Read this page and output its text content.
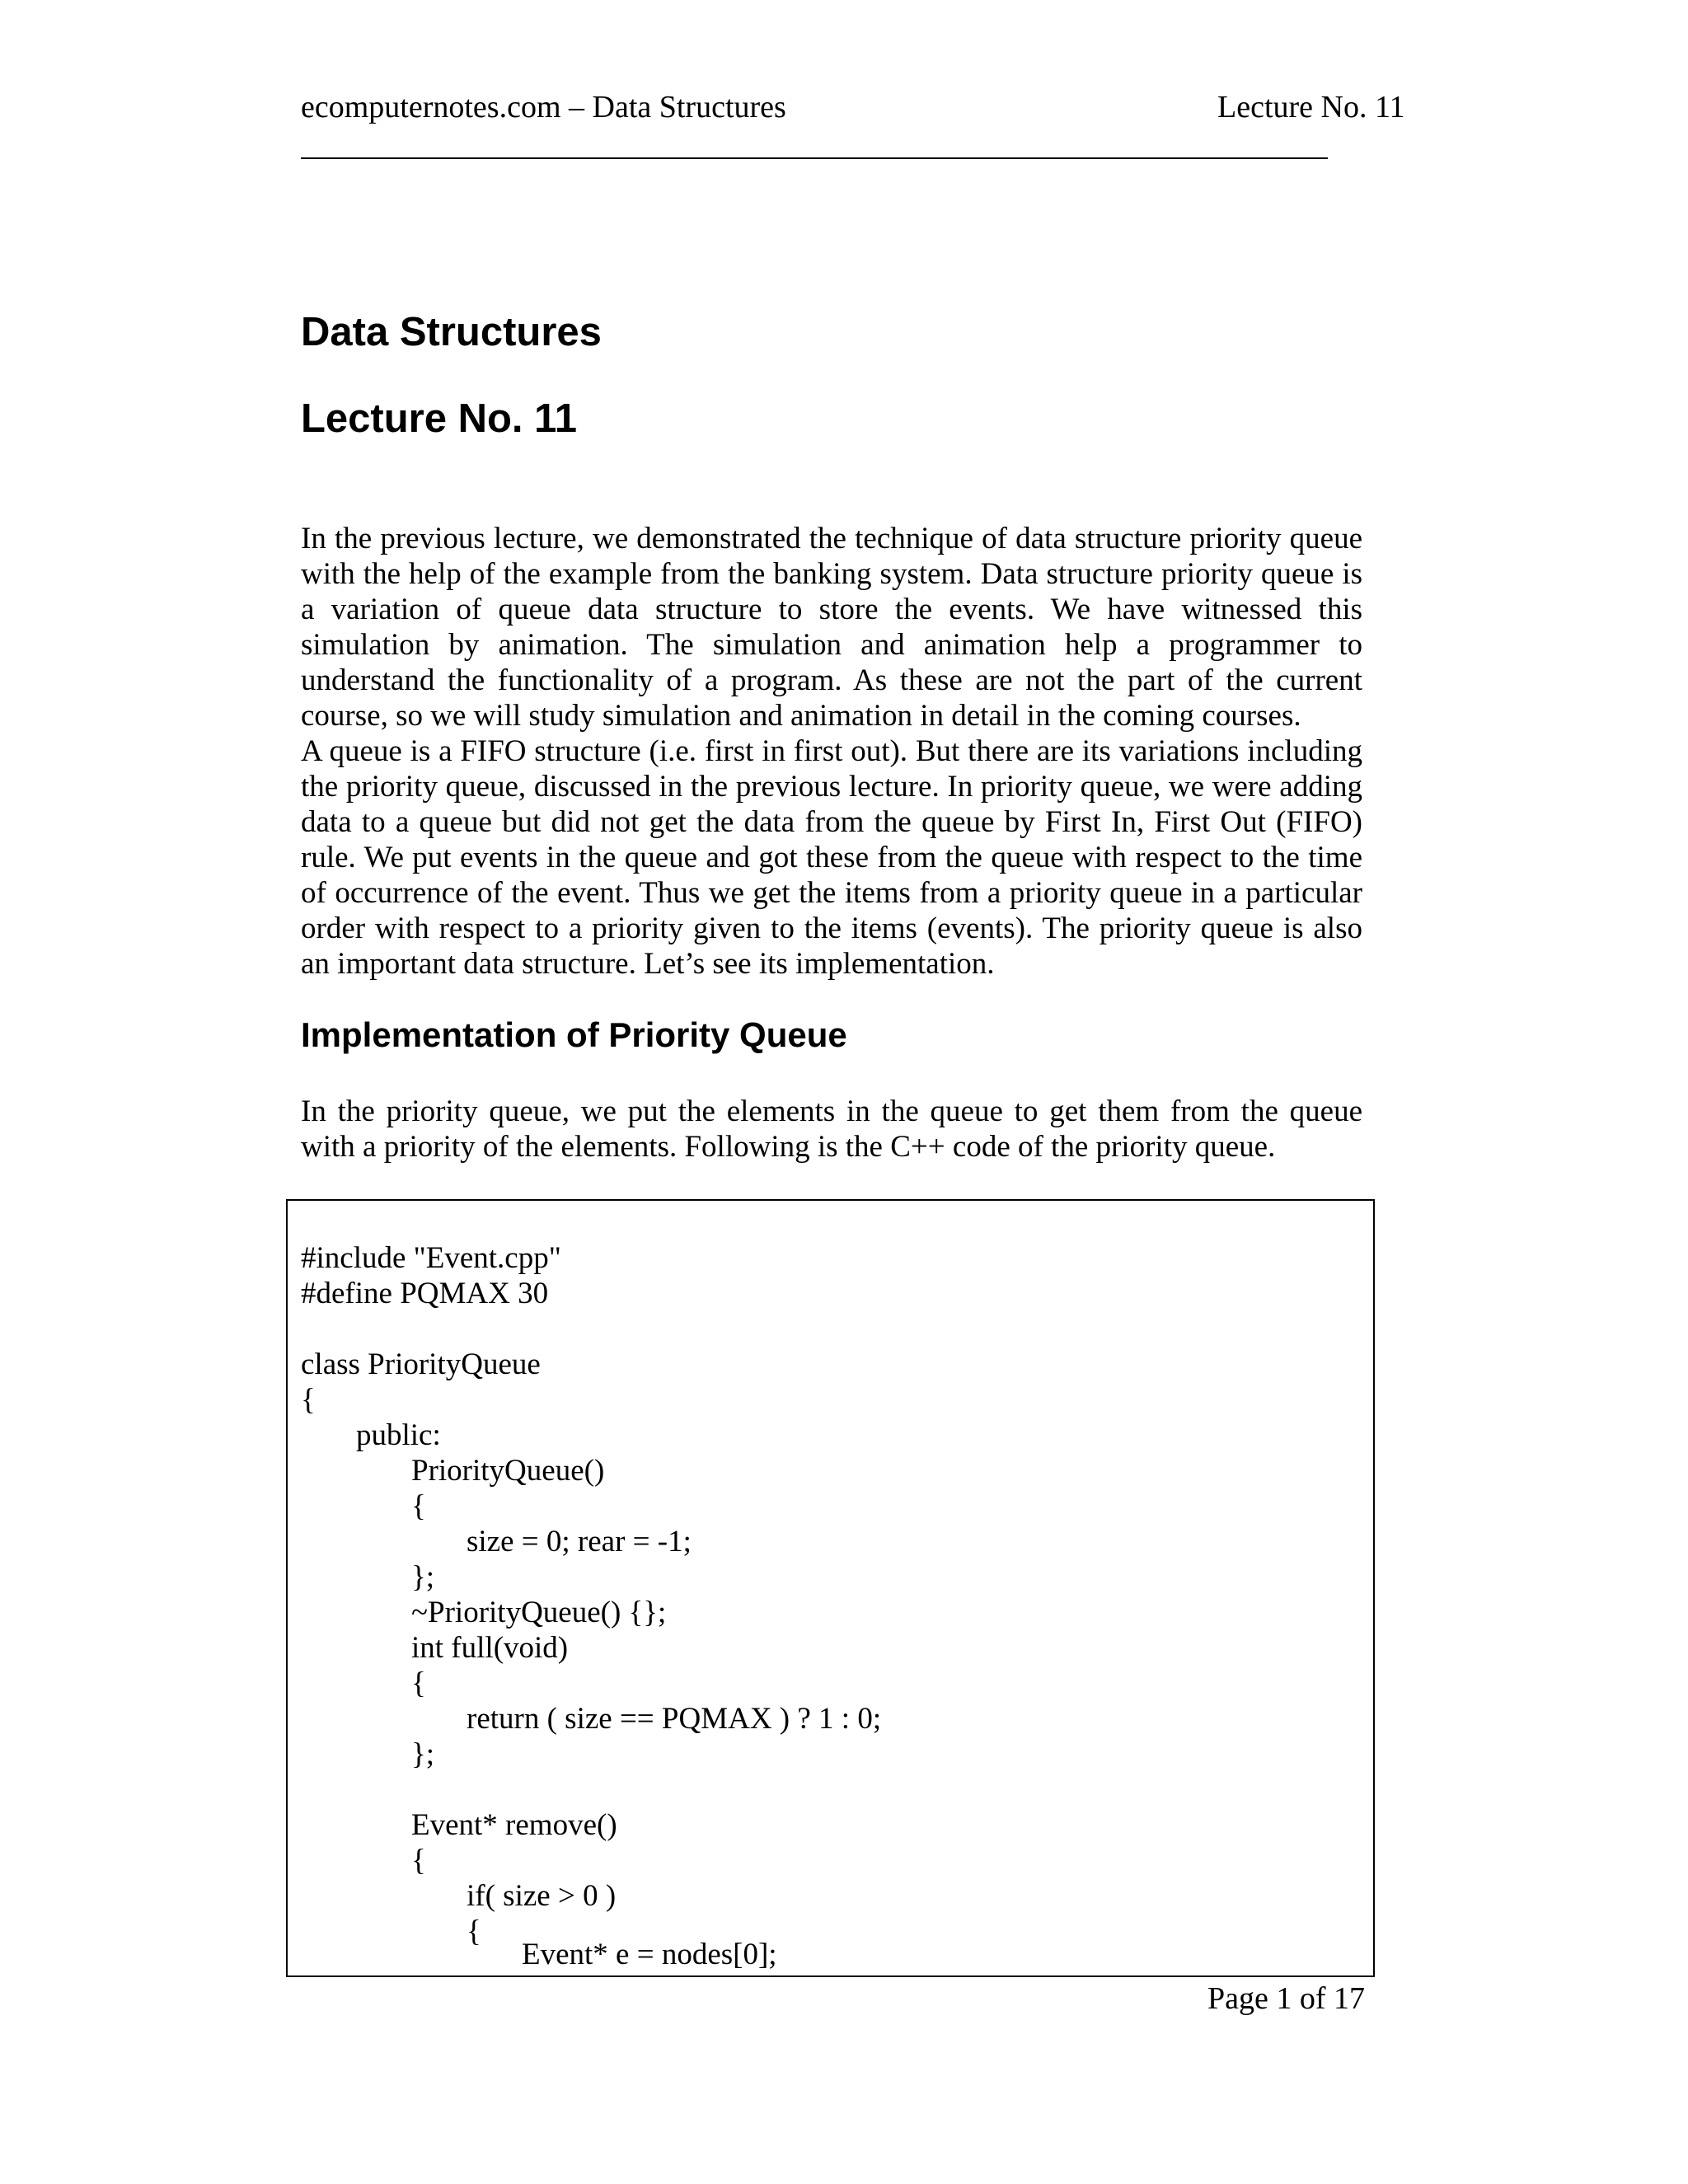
ecomputernotes.com – Data Structures	Lecture No. 11
Data Structures
Lecture No. 11

In the previous lecture, we demonstrated the technique of data structure priority queue with the help of the example from the banking system. Data structure priority queue is a variation of queue data structure to store the events. We have witnessed this simulation by animation. The simulation and animation help a programmer to understand the functionality of a program. As these are not the part of the current course, so we will study simulation and animation in detail in the coming courses.

A queue is a FIFO structure (i.e. first in first out). But there are its variations including the priority queue, discussed in the previous lecture. In priority queue, we were adding data to a queue but did not get the data from the queue by First In, First Out (FIFO) rule. We put events in the queue and got these from the queue with respect to the time of occurrence of the event. Thus we get the items from a priority queue in a particular order with respect to a priority given to the items (events). The priority queue is also an important data structure. Let’s see its implementation.

Implementation of Priority Queue
In the priority queue, we put the elements in the queue to get them from the queue with a priority of the elements. Following is the C++ code of the priority queue.
#include "Event.cpp"
#define PQMAX 30
class PriorityQueue
{
public:
PriorityQueue()
{
size = 0; rear = -1;
};
~PriorityQueue() {};
int full(void)
{
return ( size == PQMAX ) ? 1 : 0;
};
Event* remove()
{
if( size > 0 )
{
Event* e = nodes[0];
Page 1 of 17
